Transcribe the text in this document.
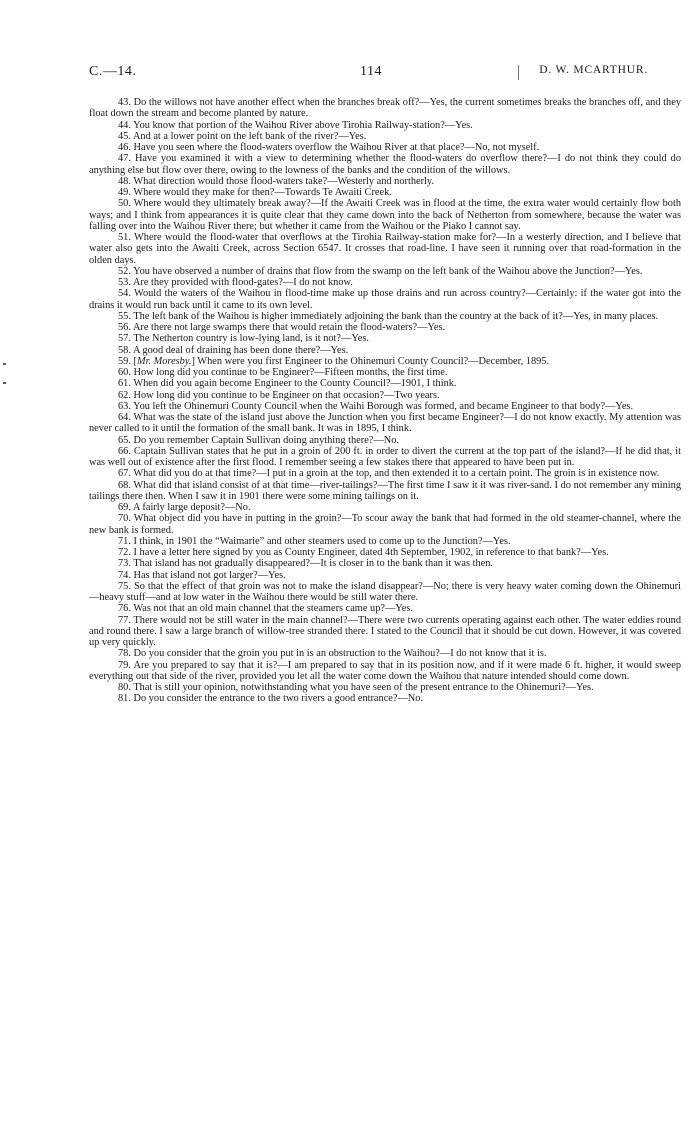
C.—14.	114	D. W. MCARTHUR.

43. Do the willows not have another effect when the branches break off?—Yes, the current sometimes breaks the branches off, and they float down the stream and become planted by nature.

44. You know that portion of the Waihou River above Tirohia Railway-station?—Yes.

45. And at a lower point on the left bank of the river?—Yes.

46. Have you seen where the flood-waters overflow the Waihou River at that place?—No, not myself.

47. Have you examined it with a view to determining whether the flood-waters do overflow there?—I do not think they could do anything else but flow over there, owing to the lowness of the banks and the condition of the willows.

48. What direction would those flood-waters take?—Westerly and northerly.

49. Where would they make for then?—Towards Te Awaiti Creek.

50. Where would they ultimately break away?—If the Awaiti Creek was in flood at the time, the extra water would certainly flow both ways; and I think from appearances it is quite clear that they came down into the back of Netherton from somewhere, because the water was falling over into the Waihou River there; but whether it came from the Waihou or the Piako I cannot say.

51. Where would the flood-water that overflows at the Tirohia Railway-station make for?—In a westerly direction, and I believe that water also gets into the Awaiti Creek, across Section 6547. It crosses that road-line. I have seen it running over that road-formation in the olden days.

52. You have observed a number of drains that flow from the swamp on the left bank of the Waihou above the Junction?—Yes.

53. Are they provided with flood-gates?—I do not know.

54. Would the waters of the Waihou in flood-time make up those drains and run across country?—Certainly: if the water got into the drains it would run back until it came to its own level.

55. The left bank of the Waihou is higher immediately adjoining the bank than the country at the back of it?—Yes, in many places.

56. Are there not large swamps there that would retain the flood-waters?—Yes.

57. The Netherton country is low-lying land, is it not?—Yes.

58. A good deal of draining has been done there?—Yes.

59. [Mr. Moresby.] When were you first Engineer to the Ohinemuri County Council?—December, 1895.

60. How long did you continue to be Engineer?—Fifteen months, the first time.

61. When did you again become Engineer to the County Council?—1901, I think.

62. How long did you continue to be Engineer on that occasion?—Two years.

63. You left the Ohinemuri County Council when the Waihi Borough was formed, and became Engineer to that body?—Yes.

64. What was the state of the island just above the Junction when you first became Engineer?—I do not know exactly. My attention was never called to it until the formation of the small bank. It was in 1895, I think.

65. Do you remember Captain Sullivan doing anything there?—No.

66. Captain Sullivan states that he put in a groin of 200 ft. in order to divert the current at the top part of the island?—If he did that, it was well out of existence after the first flood. I remember seeing a few stakes there that appeared to have been put in.

67. What did you do at that time?—I put in a groin at the top, and then extended it to a certain point. The groin is in existence now.

68. What did that island consist of at that time—river-tailings?—The first time I saw it it was river-sand. I do not remember any mining tailings there then. When I saw it in 1901 there were some mining tailings on it.

69. A fairly large deposit?—No.

70. What object did you have in putting in the groin?—To scour away the bank that had formed in the old steamer-channel, where the new bank is formed.

71. I think, in 1901 the “Waimarie” and other steamers used to come up to the Junction?—Yes.

72. I have a letter here signed by you as County Engineer, dated 4th September, 1902, in reference to that bank?—Yes.

73. That island has not gradually disappeared?—It is closer in to the bank than it was then.

74. Has that island not got larger?—Yes.

75. So that the effect of that groin was not to make the island disappear?—No; there is very heavy water coming down the Ohinemuri—heavy stuff—and at low water in the Waihou there would be still water there.

76. Was not that an old main channel that the steamers came up?—Yes.

77. There would not be still water in the main channel?—There were two currents operating against each other. The water eddies round and round there. I saw a large branch of willow-tree stranded there. I stated to the Council that it should be cut down. However, it was covered up very quickly.

78. Do you consider that the groin you put in is an obstruction to the Waihou?—I do not know that it is.

79. Are you prepared to say that it is?—I am prepared to say that in its position now, and if it were made 6 ft. higher, it would sweep everything out that side of the river, provided you let all the water come down the Waihou that nature intended should come down.

80. That is still your opinion, notwithstanding what you have seen of the present entrance to the Ohinemuri?—Yes.

81. Do you consider the entrance to the two rivers a good entrance?—No.
